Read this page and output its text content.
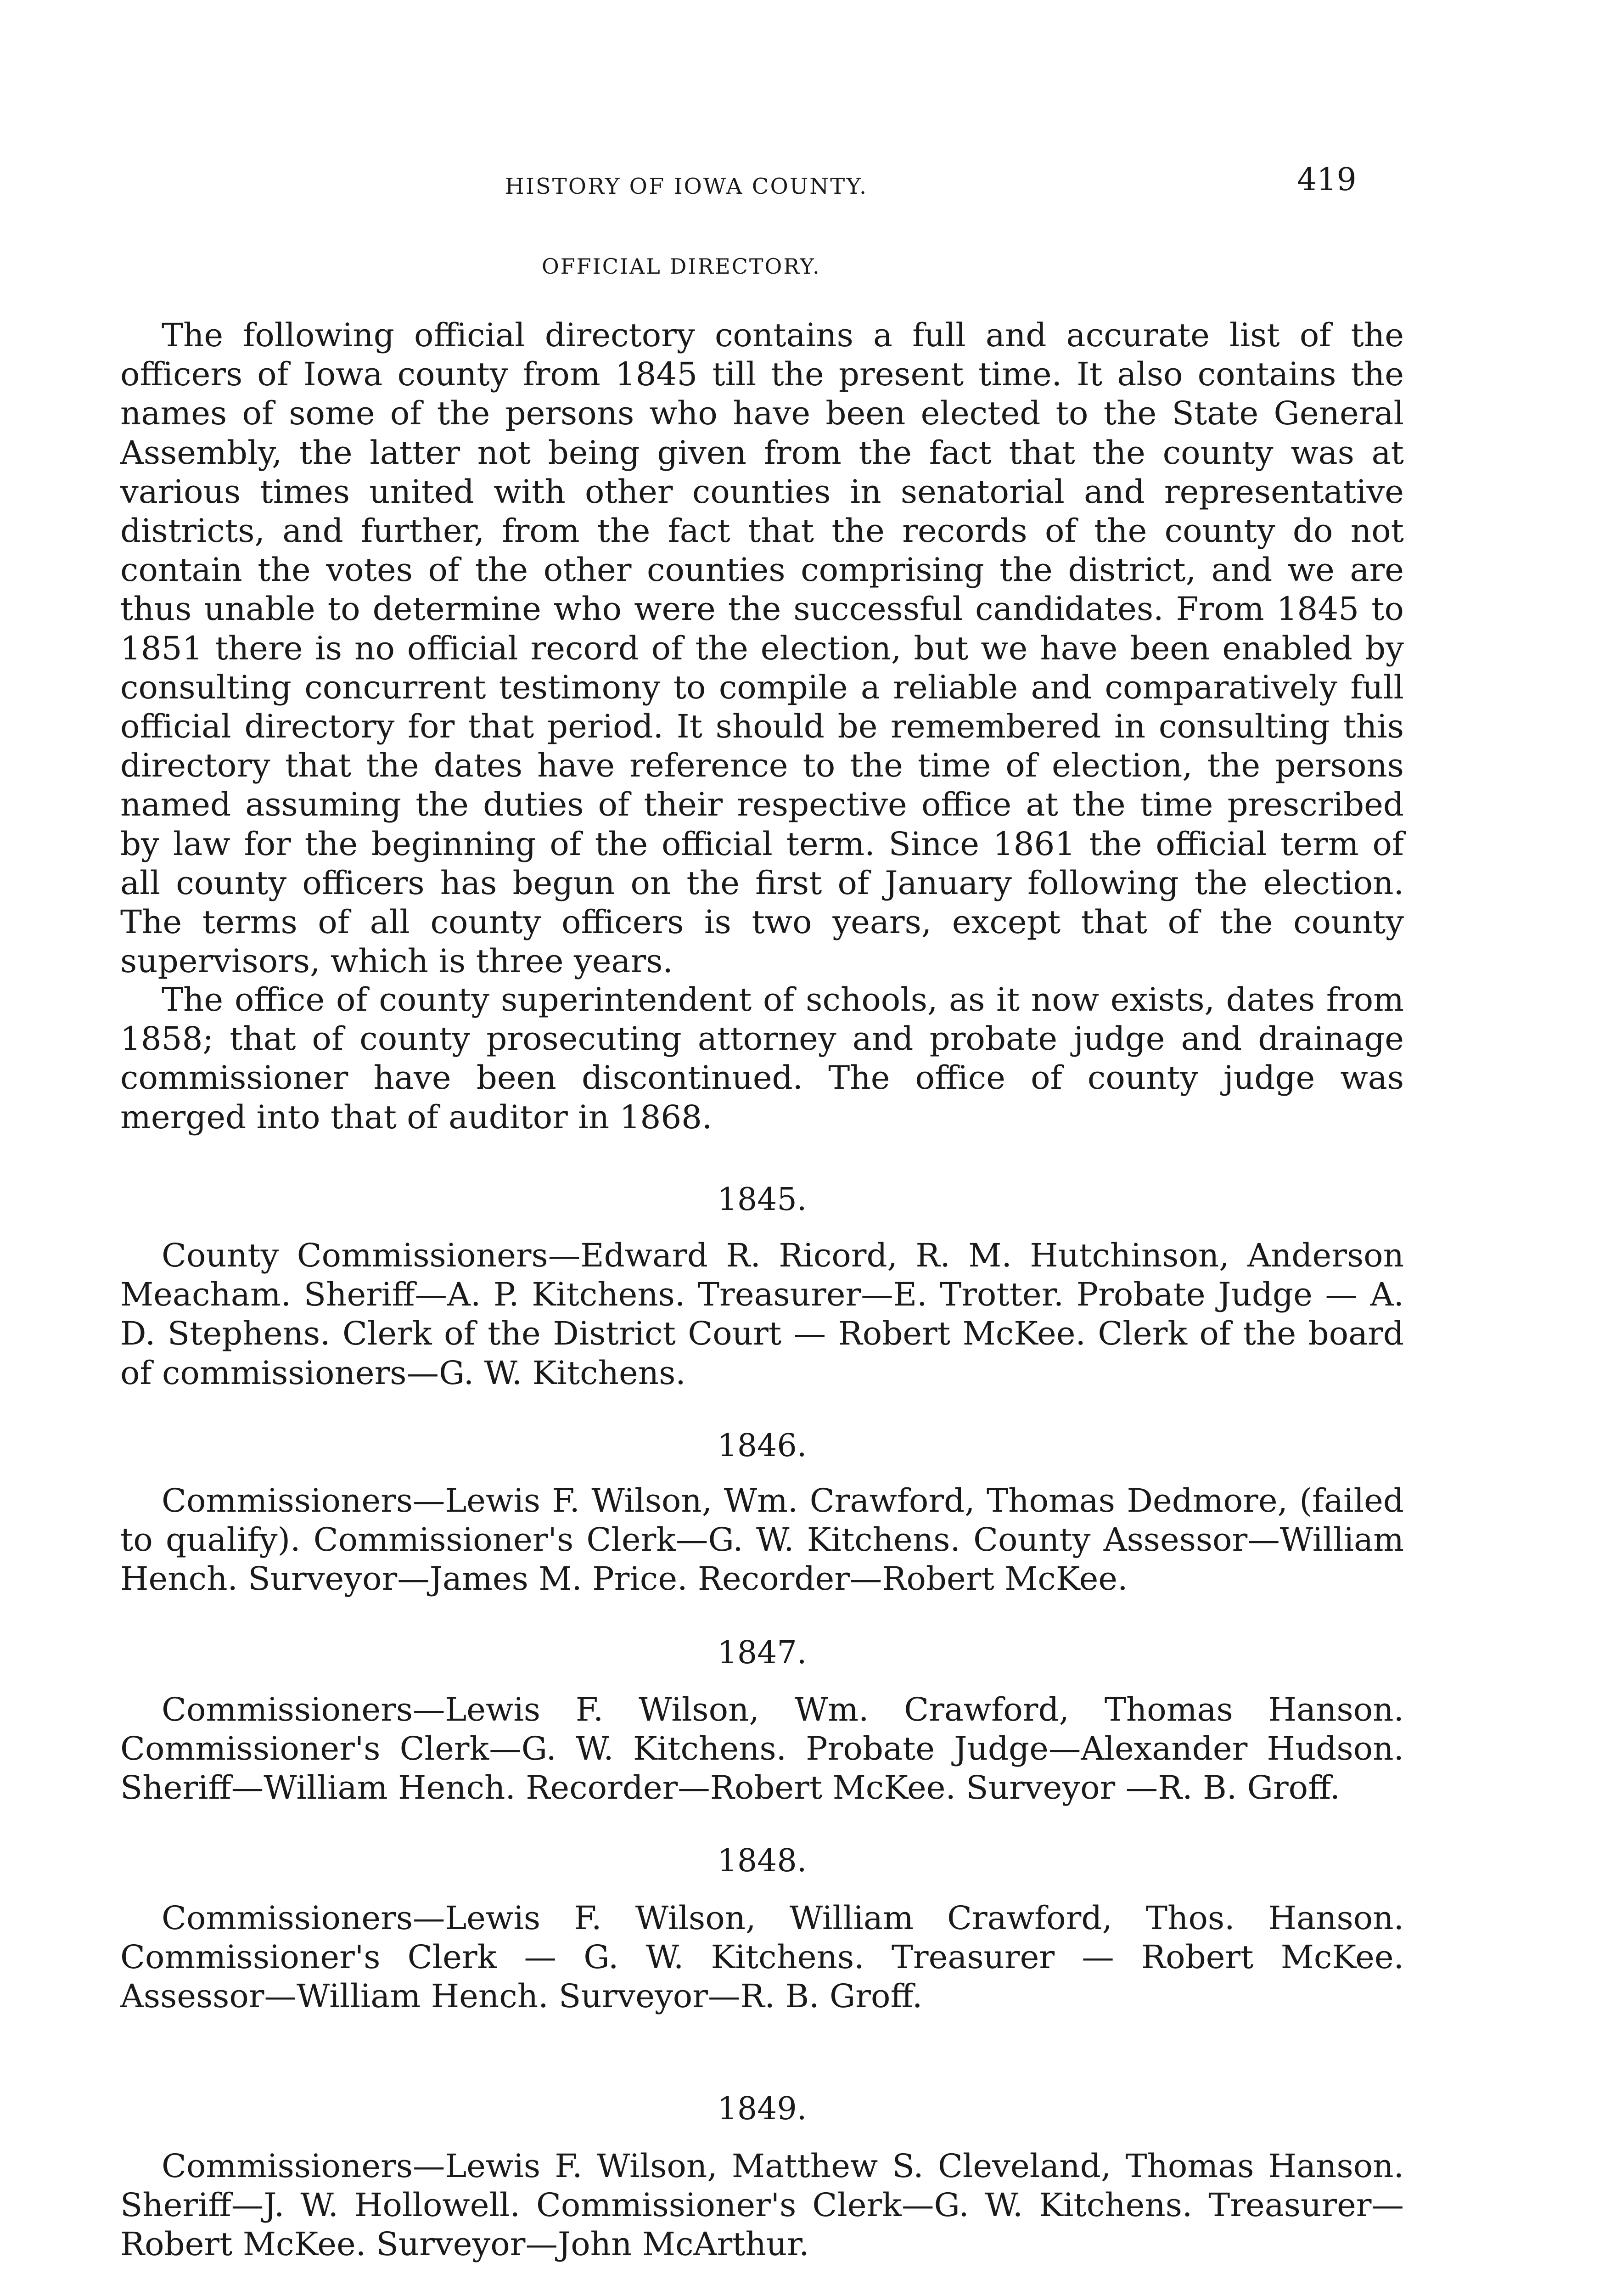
HISTORY OF IOWA COUNTY.	419
OFFICIAL DIRECTORY.

The following official directory contains a full and accurate list of the officers of Iowa county from 1845 till the present time. It also contains the names of some of the persons who have been elected to the State General Assembly, the latter not being given from the fact that the county was at various times united with other counties in senatorial and representative districts, and further, from the fact that the records of the county do not contain the votes of the other counties comprising the district, and we are thus unable to determine who were the successful candidates. From 1845 to 1851 there is no official record of the election, but we have been enabled by consulting concurrent testimony to compile a reliable and comparatively full official directory for that period. It should be remembered in consulting this directory that the dates have reference to the time of election, the persons named assuming the duties of their respective office at the time prescribed by law for the beginning of the official term. Since 1861 the official term of all county officers has begun on the first of January following the election. The terms of all county officers is two years, except that of the county supervisors, which is three years.

The office of county superintendent of schools, as it now exists, dates from 1858; that of county prosecuting attorney and probate judge and drainage commissioner have been discontinued. The office of county judge was merged into that of auditor in 1868.

1845.

County Commissioners—Edward R. Ricord, R. M. Hutchinson, Anderson Meacham. Sheriff—A. P. Kitchens. Treasurer—E. Trotter. Probate Judge — A. D. Stephens. Clerk of the District Court — Robert McKee. Clerk of the board of commissioners—G. W. Kitchens.

1846.

Commissioners—Lewis F. Wilson, Wm. Crawford, Thomas Dedmore, (failed to qualify). Commissioner's Clerk—G. W. Kitchens. County Assessor—William Hench. Surveyor—James M. Price. Recorder—Robert McKee.

1847.

Commissioners—Lewis F. Wilson, Wm. Crawford, Thomas Hanson. Commissioner's Clerk—G. W. Kitchens. Probate Judge—Alexander Hudson. Sheriff—William Hench. Recorder—Robert McKee. Surveyor —R. B. Groff.

1848.

Commissioners—Lewis F. Wilson, William Crawford, Thos. Hanson. Commissioner's Clerk — G. W. Kitchens. Treasurer — Robert McKee. Assessor—William Hench. Surveyor—R. B. Groff.

1849.

Commissioners—Lewis F. Wilson, Matthew S. Cleveland, Thomas Hanson. Sheriff—J. W. Hollowell. Commissioner's Clerk—G. W. Kitchens. Treasurer—Robert McKee. Surveyor—John McArthur.
